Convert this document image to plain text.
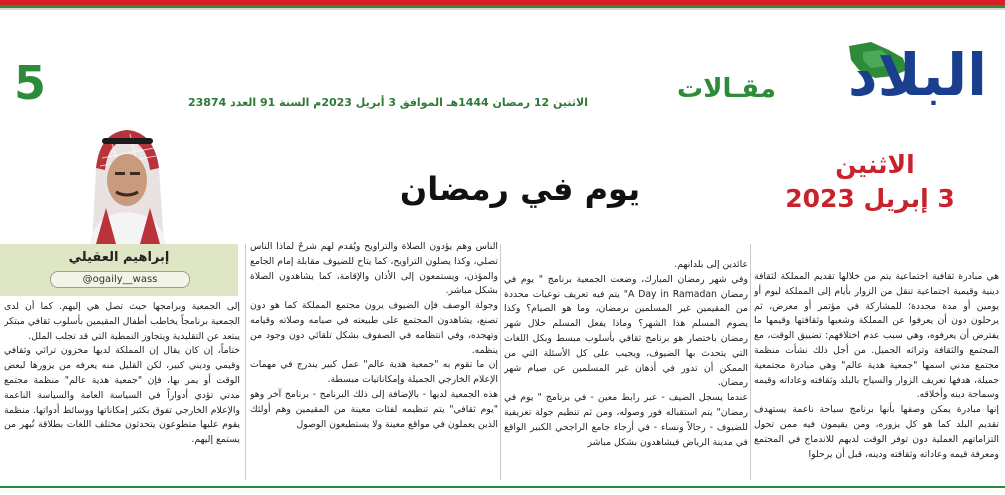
5	الاثنين 12 رمضان 1444هـ الموافق 3 أبريل 2023م السنة 91 العدد 23874	مقـالات البلاد
الاثنين
3 إبريل 2023
يوم في رمضان
إبراهيم العقيلي
@ogaily__wass	هي مبادرة ثقافية اجتماعية يتم من خلالها تقديم المملكة لثقافة دينية وقيمية اجتماعية تنقل من الزوار بأيام إلى المملكة ليوم أو يومين أو مدة محددة؛ للمشاركة في مؤتمر أو معرض، ثم يرحلون دون أن يعرفوا عن المملكة وشعبها وثقافتها وقيمها ما يفترض أن يعرفوه، وهي سبب عدم اختلافهم: تضييق الوقت، مع المجتمع والثقافة وتراثه الجميل. من أجل ذلك نشأت منظمة مجتمع مدني اسمها "جمعية هدية عالم" وهي مبادرة مجتمعية جميلة، هدفها تعريف الزوار والسياح بالبلد وثقافته وعاداته وقيمه وسماحة دينه وأخلاقه.

إنها مبادرة يمكن وصفها بأنها برنامج سياحة ناعمة يستهدف تقديم البلد كما هو كل يزوره، ومن يقيمون فيه ممن تحول التزاماتهم العملية دون توفر الوقت لديهم للاندماج في المجتمع ومعرفة قيمه وعاداته وثقافته ودينه، قبل أن يرحلوا

عائدين إلى بلدانهم.

وفي شهر رمضان المبارك، وضعت الجمعية برنامج " يوم في رمضان A Day in Ramadan" يتم فيه تعريف نوعيات محددة من المقيمين غير المسلمين برمضان، وما هو الصيام؟ وكذا يصوم المسلم هذا الشهر؟ وماذا يفعل المسلم خلال شهر رمضان باختصار هو برنامج ثقافي بأسلوب مبسط وبكل اللغات التي يتحدث بها الضيوف، ويجيب على كل الأسئلة التي من الممكن أن تدور في أذهان غير المسلمين عن صيام شهر رمضان.

عندما يسجل الضيف - عبر رابط معين - في برنامج " يوم في رمضان" يتم استقباله فور وصوله، ومن ثم تنظيم جولة تعريفية للضيوف - رجالاً ونساء - في أرجاء جامع الراجحي الكبير الواقع في مدينة الرياض فيشاهدون بشكل مباشر

الناس وهم يؤدون الصلاة والتراويح ويُقدم لهم شرحٌ لماذا الناس تصلي، وكذا يصلون التراويح، كما يتاح للضيوف مقابلة إمام الجامع والمؤذن، ويستمعون إلى الأذان والإقامة، كما يشاهدون الصلاة بشكل مباشر.

وجولة الوصف فإن الضيوف يرون مجتمع المملكة كما هو دون تصنع، يشاهدون المجتمع على طبيعته في صيامه وصلاته وقيامه وتهجده، وفي انتظامه في الصفوف بشكل تلقائي دون وجود من ينظمه.

إن ما تقوم به "جمعية هدية عالم" عمل كبير يندرج في مهمات الإعلام الخارجي الجميلة وإمكاناتيات مبسطة.

هذه الجمعية لديها - بالإضافة إلى ذلك البرنامج - برنامج آخر وهو "يوم ثقافي" يتم تنظيمه لفئات معينة من المقيمين وهم أولئك الذين يعملون في مواقع معينة ولا يستطيعون الوصول

إلى الجمعية وبرامجها حيث تصل هي إليهم. كما أن لدى الجمعية برنامجاً يخاطب أطفال المقيمين بأسلوب ثقافي مبتكر يبتعد عن التقليدية ويتجاوز النمطية التي قد تجلب الملل.

ختاماً، إن كان يقال إن المملكة لديها مخزون تراثي وثقافي وقيمي وديني كبير، لكن القليل منه يعرفه من يزورها لبعض الوقت أو يمر بها، فإن "جمعية هدية عالم" منظمة مجتمع مدني تؤدي أدواراً في السياسة العامة والسياسة الناعمة والإعلام الخارجي تفوق بكثير إمكاناتها ووسائط أدواتها. منظمة يقوم عليها متطوعون يتحدثون مختلف اللغات بطلاقة تُبهر من يستمع إليهم.
